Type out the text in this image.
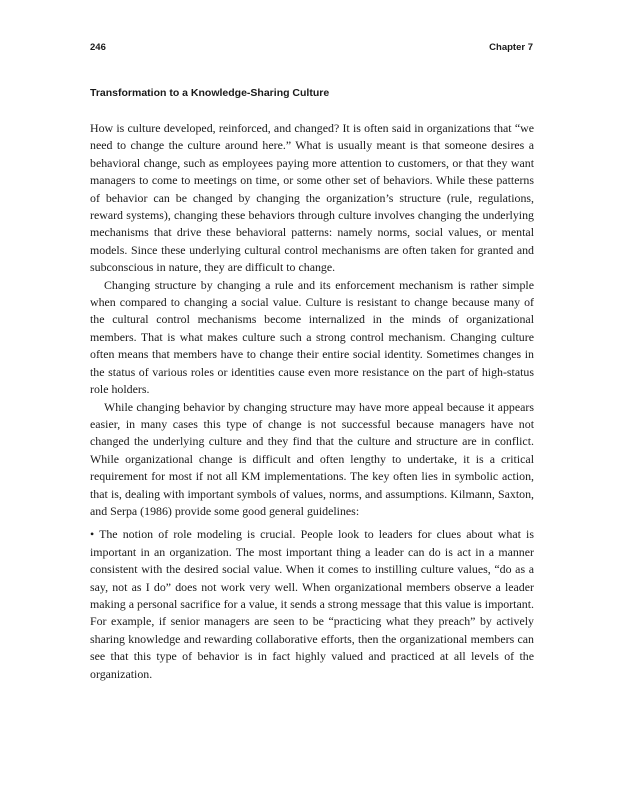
246	Chapter 7
Transformation to a Knowledge-Sharing Culture

How is culture developed, reinforced, and changed? It is often said in organizations that “we need to change the culture around here.” What is usually meant is that someone desires a behavioral change, such as employees paying more attention to customers, or that they want managers to come to meetings on time, or some other set of behaviors. While these patterns of behavior can be changed by changing the organization’s structure (rule, regulations, reward systems), changing these behaviors through culture involves changing the underlying mechanisms that drive these behavioral patterns: namely norms, social values, or mental models. Since these underlying cultural control mechanisms are often taken for granted and subconscious in nature, they are difficult to change.

Changing structure by changing a rule and its enforcement mechanism is rather simple when compared to changing a social value. Culture is resistant to change because many of the cultural control mechanisms become internalized in the minds of organizational members. That is what makes culture such a strong control mechanism. Changing culture often means that members have to change their entire social identity. Sometimes changes in the status of various roles or identities cause even more resistance on the part of high-status role holders.

While changing behavior by changing structure may have more appeal because it appears easier, in many cases this type of change is not successful because managers have not changed the underlying culture and they find that the culture and structure are in conflict. While organizational change is difficult and often lengthy to undertake, it is a critical requirement for most if not all KM implementations. The key often lies in symbolic action, that is, dealing with important symbols of values, norms, and assumptions. Kilmann, Saxton, and Serpa (1986) provide some good general guidelines:

• The notion of role modeling is crucial. People look to leaders for clues about what is important in an organization. The most important thing a leader can do is act in a manner consistent with the desired social value. When it comes to instilling culture values, “do as a say, not as I do” does not work very well. When organizational members observe a leader making a personal sacrifice for a value, it sends a strong message that this value is important. For example, if senior managers are seen to be “practicing what they preach” by actively sharing knowledge and rewarding collaborative efforts, then the organizational members can see that this type of behavior is in fact highly valued and practiced at all levels of the organization.
